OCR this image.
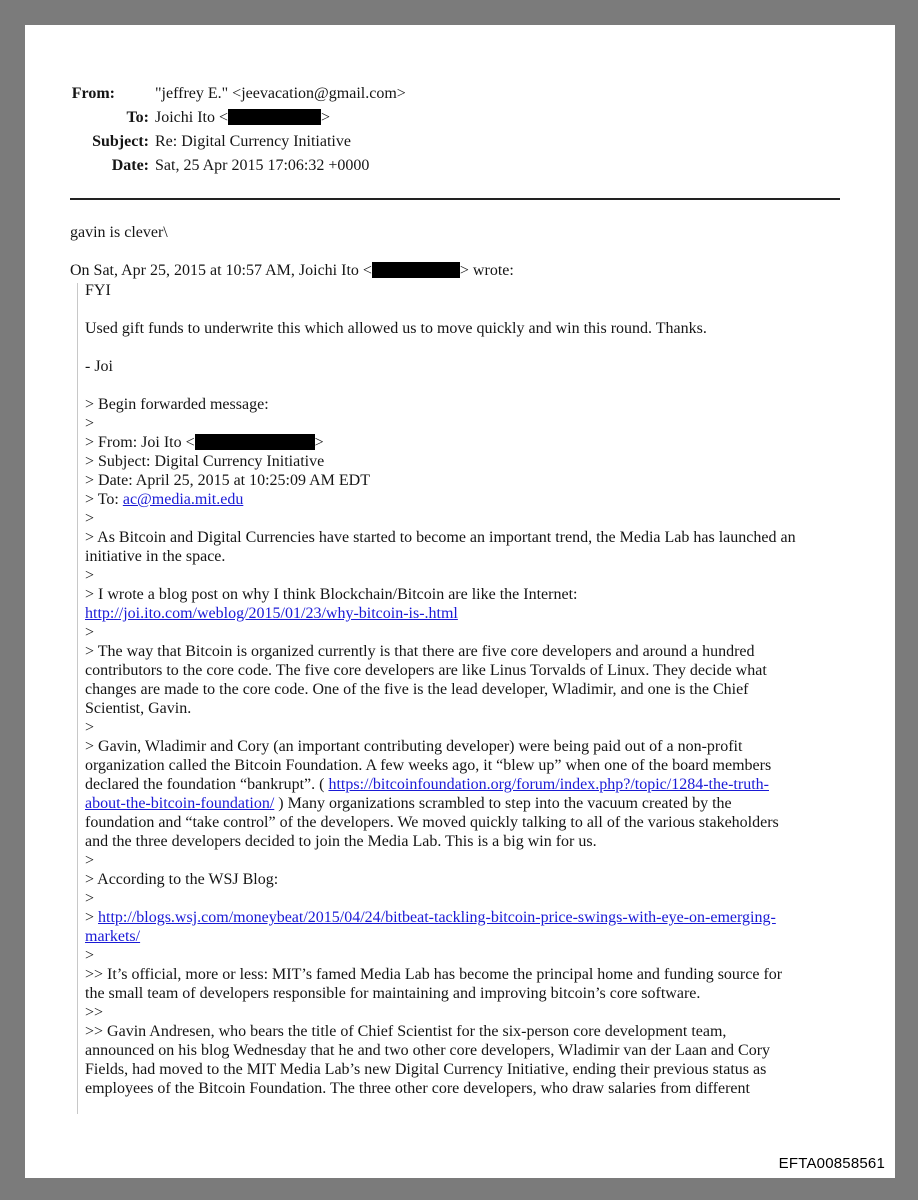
From:	"jeffrey E." <jeevacation@gmail.com>
To: Joichi Ito <	>
Subject: Re: Digital Currency Initiative
Date: Sat, 25 Apr 2015 17:06:32 +0000

gavin is clever\

On Sat, Apr 25, 2015 at 10:57 AM, Joichi Ito <	> wrote:

FYI

Used gift funds to underwrite this which allowed us to move quickly and win this round. Thanks.

- Joi

> Begin forwarded message:

>

> From: Joi Ito <	>

> Subject: Digital Currency Initiative

> Date: April 25, 2015 at 10:25:09 AM EDT

> To: ac@media.mit.edu

>

> As Bitcoin and Digital Currencies have started to become an important trend, the Media Lab has launched an

initiative in the space.

>

> I wrote a blog post on why I think Blockchain/Bitcoin are like the Internet:

http://joi.ito.com/weblog/2015/01/23/why-bitcoin-is-.html

>

> The way that Bitcoin is organized currently is that there are five core developers and around a hundred

contributors to the core code. The five core developers are like Linus Torvalds of Linux. They decide what

changes are made to the core code. One of the five is the lead developer, Wladimir, and one is the Chief

Scientist, Gavin.

>

> Gavin, Wladimir and Cory (an important contributing developer) were being paid out of a non-profit

organization called the Bitcoin Foundation. A few weeks ago, it “blew up” when one of the board members

declared the foundation “bankrupt”. ( https://bitcoinfoundation.org/forum/index.php?/topic/1284-the-truth-

about-the-bitcoin-foundation/ ) Many organizations scrambled to step into the vacuum created by the

foundation and “take control” of the developers. We moved quickly talking to all of the various stakeholders

and the three developers decided to join the Media Lab. This is a big win for us.

>

> According to the WSJ Blog:

>

> http://blogs.wsj.com/moneybeat/2015/04/24/bitbeat-tackling-bitcoin-price-swings-with-eye-on-emerging-

markets/

>

>> It’s official, more or less: MIT’s famed Media Lab has become the principal home and funding source for

the small team of developers responsible for maintaining and improving bitcoin’s core software.

>>

>> Gavin Andresen, who bears the title of Chief Scientist for the six-person core development team,

announced on his blog Wednesday that he and two other core developers, Wladimir van der Laan and Cory

Fields, had moved to the MIT Media Lab’s new Digital Currency Initiative, ending their previous status as

employees of the Bitcoin Foundation. The three other core developers, who draw salaries from different

EFTA00858561
